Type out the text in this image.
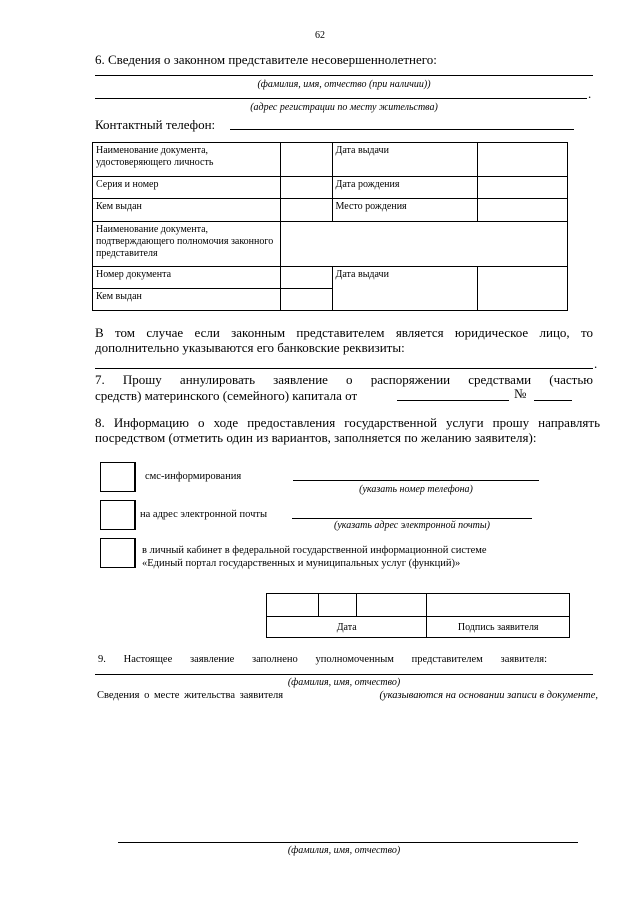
62
6. Сведения о законном представителе несовершеннолетнего:
(фамилия, имя, отчество (при наличии))
.
(адрес регистрации по месту жительства)
Контактный телефон:
Наименование документа, удостоверяющего личность		Дата выдачи	
Серия и номер		Дата рождения	
Кем выдан		Место рождения	
Наименование документа, подтверждающего полномочия законного представителя			
Номер документа		Дата выдачи	
Кем выдан			
В том случае если законным представителем является юридическое лицо, то дополнительно указываются его банковские реквизиты:
.
7. Прошу аннулировать заявление о распоряжении средствами (частью
средств) материнского (семейного) капитала от	№
8. Информацию о ходе предоставления государственной услуги прошу направлять посредством (отметить один из вариантов, заполняется по желанию заявителя):
смс-информирования
(указать номер телефона)
на адрес электронной почты
(указать адрес электронной почты)
в личный кабинет в федеральной государственной информационной системе «Единый портал государственных и муниципальных услуг (функций)»

Дата			Подпись заявителя
9. Настоящее заявление заполнено уполномоченным представителем заявителя:
(фамилия, имя, отчество)
Сведения о месте жительства заявителя	(указываются на основании записи в документе,
(фамилия, имя, отчество)
